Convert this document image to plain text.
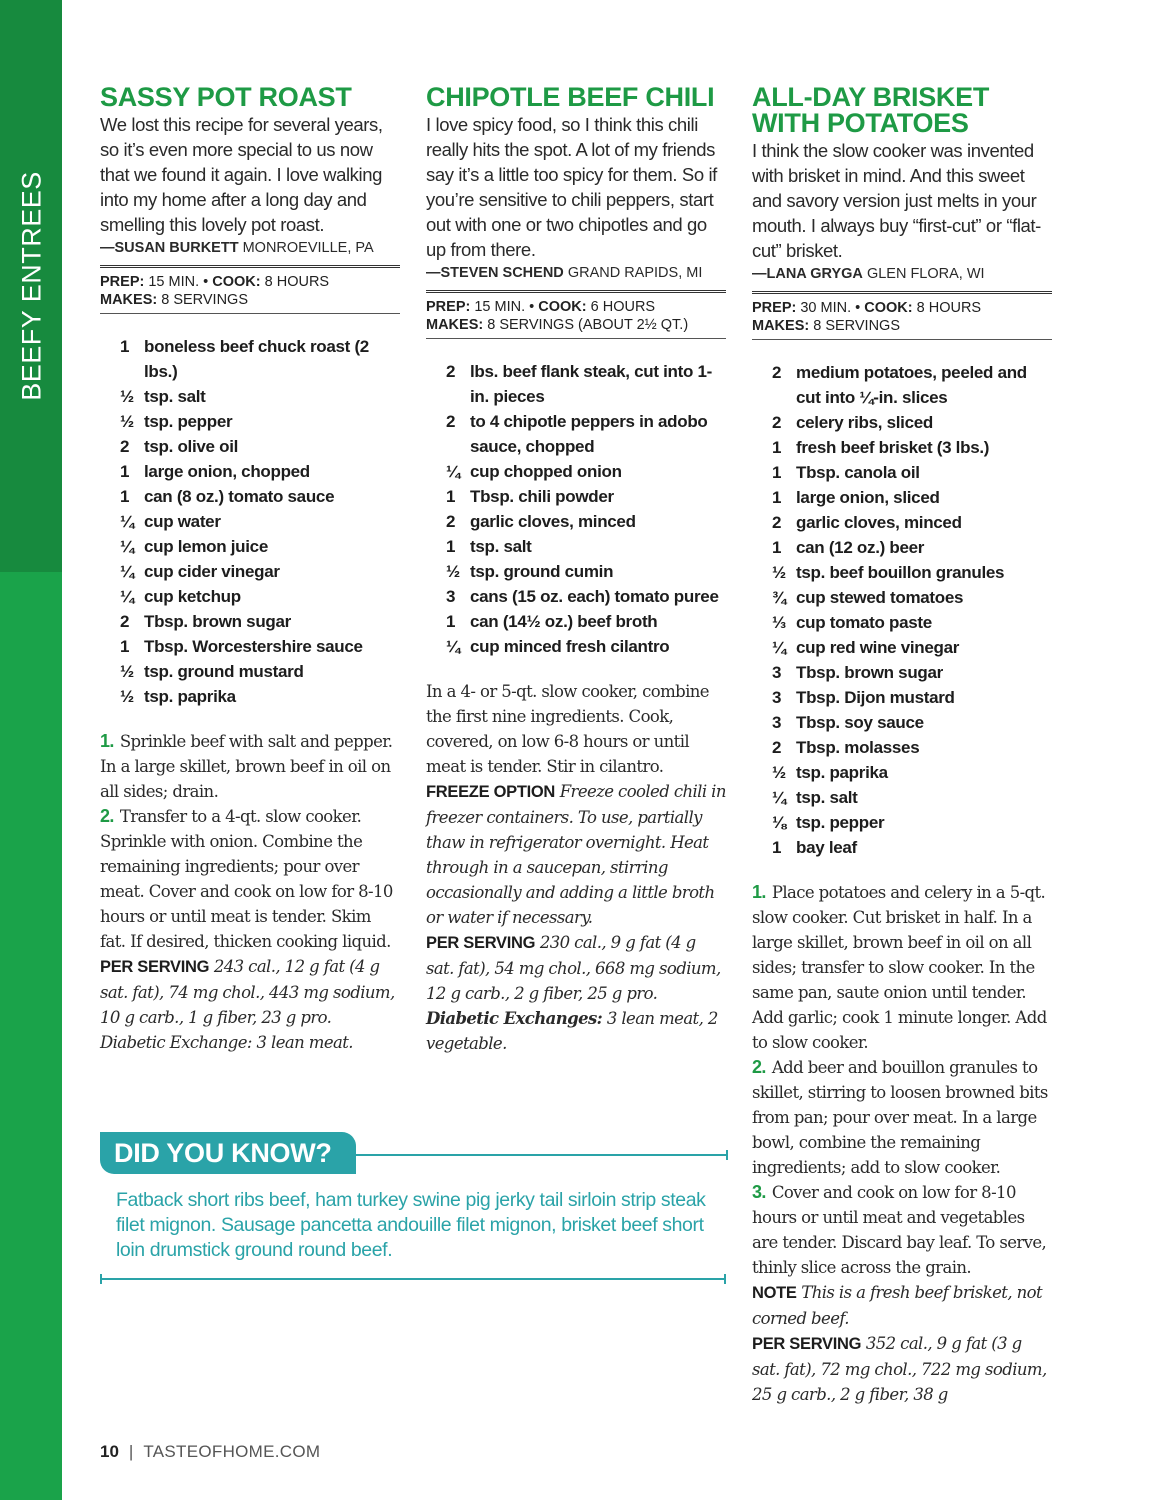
BEEFY ENTREES
SASSY POT ROAST

We lost this recipe for several years, so it’s even more special to us now that we found it again. I love walking into my home after a long day and smelling this lovely pot roast.

—SUSAN BURKETT MONROEVILLE, PA

PREP: 15 MIN. • COOK: 8 HOURS
MAKES: 8 SERVINGS
1 boneless beef chuck roast (2 lbs.)
½ tsp. salt
½ tsp. pepper
2 tsp. olive oil
1 large onion, chopped
1 can (8 oz.) tomato sauce
¼ cup water
¼ cup lemon juice
¼ cup cider vinegar
¼ cup ketchup
2 Tbsp. brown sugar
1 Tbsp. Worcestershire sauce
½ tsp. ground mustard
½ tsp. paprika

1. Sprinkle beef with salt and pepper. In a large skillet, brown beef in oil on all sides; drain.

2. Transfer to a 4-qt. slow cooker. Sprinkle with onion. Combine the remaining ingredients; pour over meat. Cover and cook on low for 8-10 hours or until meat is tender. Skim fat. If desired, thicken cooking liquid.

PER SERVING 243 cal., 12 g fat (4 g sat. fat), 74 mg chol., 443 mg sodium, 10 g carb., 1 g fiber, 23 g pro. Diabetic Exchange: 3 lean meat.

CHIPOTLE BEEF CHILI

I love spicy food, so I think this chili really hits the spot. A lot of my friends say it’s a little too spicy for them. So if you’re sensitive to chili peppers, start out with one or two chipotles and go up from there.

—STEVEN SCHEND GRAND RAPIDS, MI

PREP: 15 MIN. • COOK: 6 HOURS
MAKES: 8 SERVINGS (ABOUT 2½ QT.)
2 lbs. beef flank steak, cut into 1-in. pieces
2 to 4 chipotle peppers in adobo sauce, chopped
¼ cup chopped onion
1 Tbsp. chili powder
2 garlic cloves, minced
1 tsp. salt
½ tsp. ground cumin
3 cans (15 oz. each) tomato puree
1 can (14½ oz.) beef broth
¼ cup minced fresh cilantro

In a 4- or 5-qt. slow cooker, combine the first nine ingredients. Cook, covered, on low 6-8 hours or until meat is tender. Stir in cilantro.

FREEZE OPTION Freeze cooled chili in freezer containers. To use, partially thaw in refrigerator overnight. Heat through in a saucepan, stirring occasionally and adding a little broth or water if necessary.

PER SERVING 230 cal., 9 g fat (4 g sat. fat), 54 mg chol., 668 mg sodium, 12 g carb., 2 g fiber, 25 g pro. Diabetic Exchanges: 3 lean meat, 2 vegetable.

ALL-DAY BRISKET
WITH POTATOES

I think the slow cooker was invented with brisket in mind. And this sweet and savory version just melts in your mouth. I always buy “first-cut” or “flat-cut” brisket.

—LANA GRYGA GLEN FLORA, WI

PREP: 30 MIN. • COOK: 8 HOURS
MAKES: 8 SERVINGS
2 medium potatoes, peeled and cut into ¼-in. slices
2 celery ribs, sliced
1 fresh beef brisket (3 lbs.)
1 Tbsp. canola oil
1 large onion, sliced
2 garlic cloves, minced
1 can (12 oz.) beer
½ tsp. beef bouillon granules
¾ cup stewed tomatoes
⅓ cup tomato paste
¼ cup red wine vinegar
3 Tbsp. brown sugar
3 Tbsp. Dijon mustard
3 Tbsp. soy sauce
2 Tbsp. molasses
½ tsp. paprika
¼ tsp. salt
⅛ tsp. pepper
1 bay leaf

1. Place potatoes and celery in a 5-qt. slow cooker. Cut brisket in half. In a large skillet, brown beef in oil on all sides; transfer to slow cooker. In the same pan, saute onion until tender. Add garlic; cook 1 minute longer. Add to slow cooker.

2. Add beer and bouillon granules to skillet, stirring to loosen browned bits from pan; pour over meat. In a large bowl, combine the remaining ingredients; add to slow cooker.

3. Cover and cook on low for 8-10 hours or until meat and vegetables are tender. Discard bay leaf. To serve, thinly slice across the grain.

NOTE This is a fresh beef brisket, not corned beef.

PER SERVING 352 cal., 9 g fat (3 g sat. fat), 72 mg chol., 722 mg sodium, 25 g carb., 2 g fiber, 38 g

DID YOU KNOW?

Fatback short ribs beef, ham turkey swine pig jerky tail sirloin strip steak filet mignon. Sausage pancetta andouille filet mignon, brisket beef short loin drumstick ground round beef.

10 | TASTEOFHOME.COM
